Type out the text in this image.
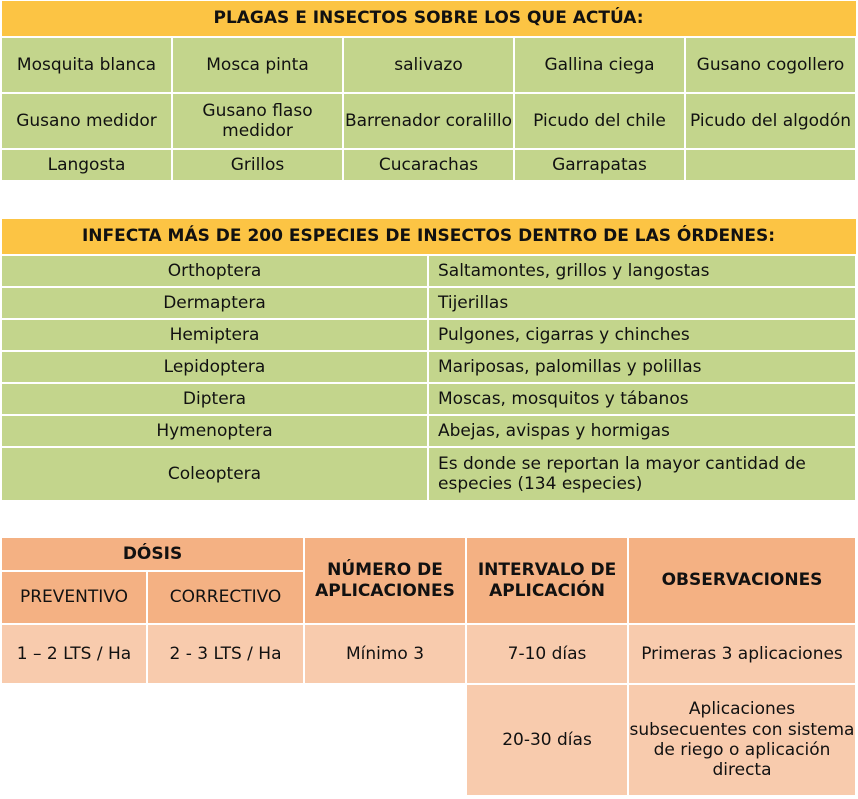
PLAGAS E INSECTOS SOBRE LOS QUE ACTÚA:				
Mosquita blanca	Mosca pinta	salivazo	Gallina ciega	Gusano cogollero
Gusano medidor	Gusano flaso medidor	Barrenador coralillo	Picudo del chile	Picudo del algodón
Langosta	Grillos	Cucarachas	Garrapatas	
INFECTA MÁS DE 200 ESPECIES DE INSECTOS DENTRO DE LAS ÓRDENES:	
Orthoptera	Saltamontes, grillos y langostas
Dermaptera	Tijerillas
Hemiptera	Pulgones, cigarras y chinches
Lepidoptera	Mariposas, palomillas y polillas
Diptera	Moscas, mosquitos y tábanos
Hymenoptera	Abejas, avispas y hormigas
Coleoptera	Es donde se reportan la mayor cantidad de especies (134 especies)
DÓSIS		NÚMERO DE APLICACIONES	INTERVALO DE APLICACIÓN	OBSERVACIONES
PREVENTIVO	CORRECTIVO			
1 – 2 LTS / Ha	2 - 3 LTS / Ha	Mínimo 3	7-10 días	Primeras 3 aplicaciones
			20-30 días	Aplicaciones subsecuentes con sistema de riego o aplicación directa
